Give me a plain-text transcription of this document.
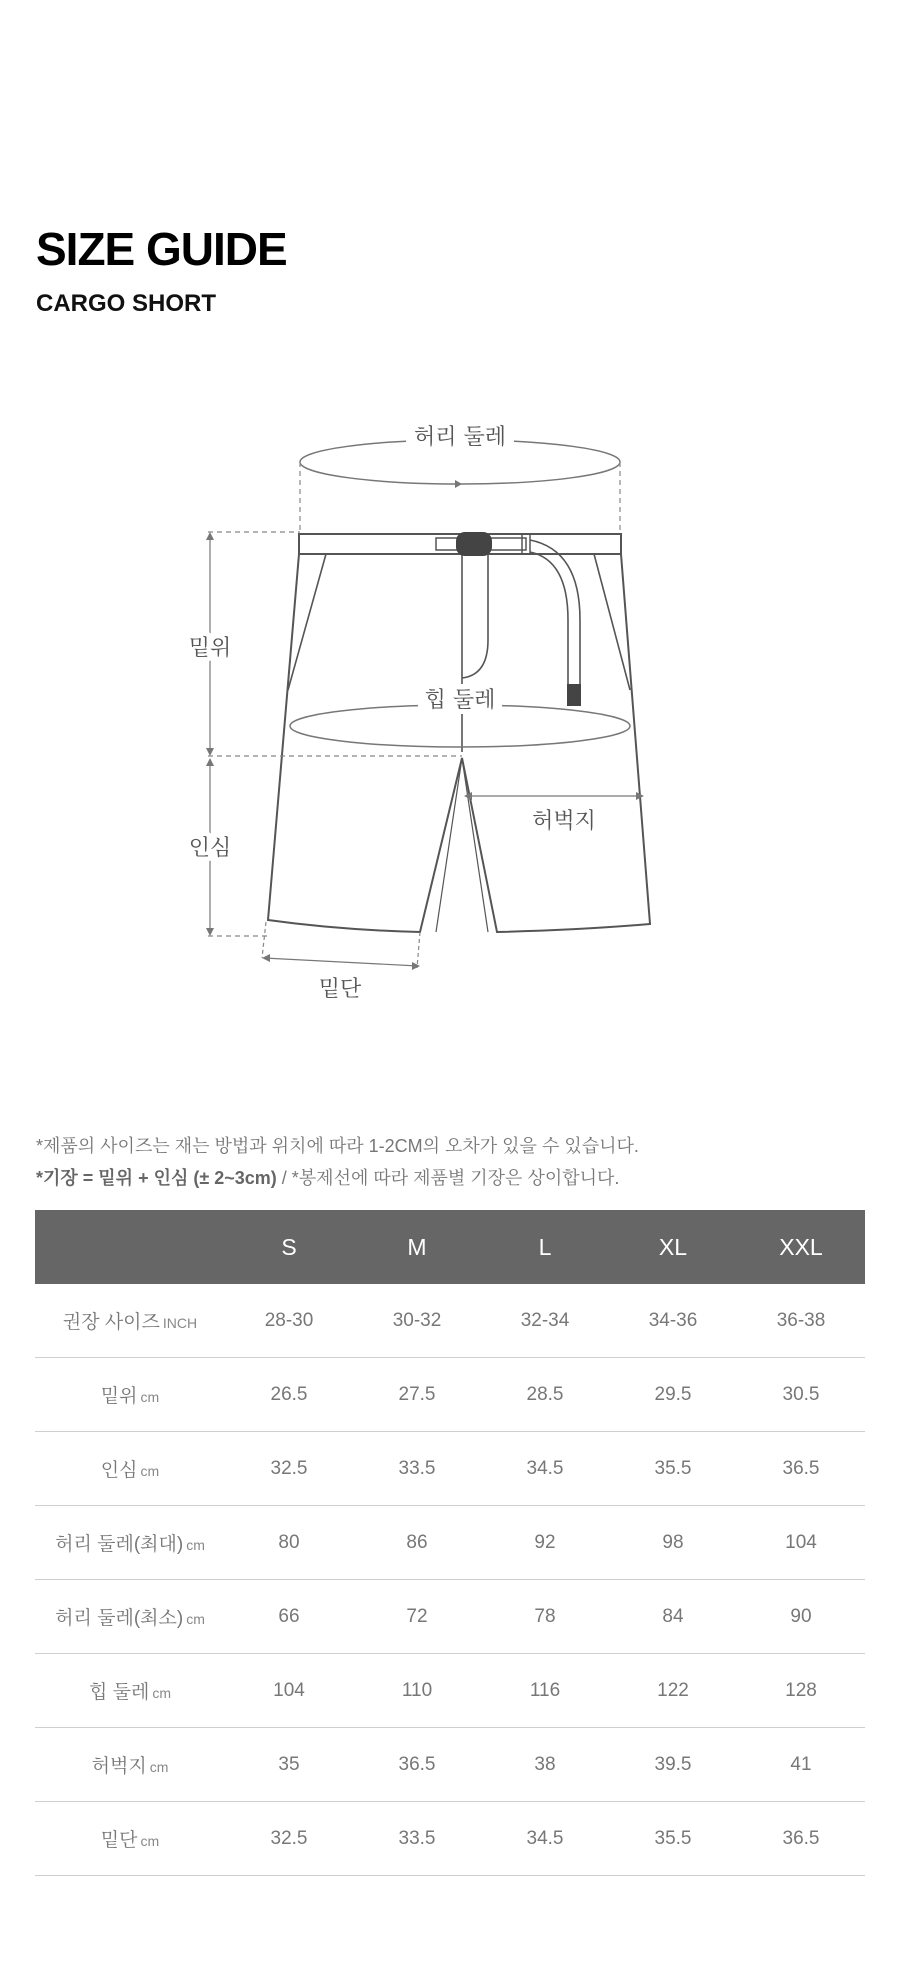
SIZE GUIDE
CARGO SHORT
허리 둘레
힙 둘레
밑위
인심
허벅지
밑단
*제품의 사이즈는 재는 방법과 위치에 따라 1-2CM의 오차가 있을 수 있습니다.
*기장 = 밑위 + 인심 (± 2~3cm) / *봉제선에 따라 제품별 기장은 상이합니다.
	S	M	L	XL	XXL
권장 사이즈 INCH	28-30	30-32	32-34	34-36	36-38
밑위 cm	26.5	27.5	28.5	29.5	30.5
인심 cm	32.5	33.5	34.5	35.5	36.5
허리 둘레(최대) cm	80	86	92	98	104
허리 둘레(최소) cm	66	72	78	84	90
힙 둘레 cm	104	110	116	122	128
허벅지 cm	35	36.5	38	39.5	41
밑단 cm	32.5	33.5	34.5	35.5	36.5
